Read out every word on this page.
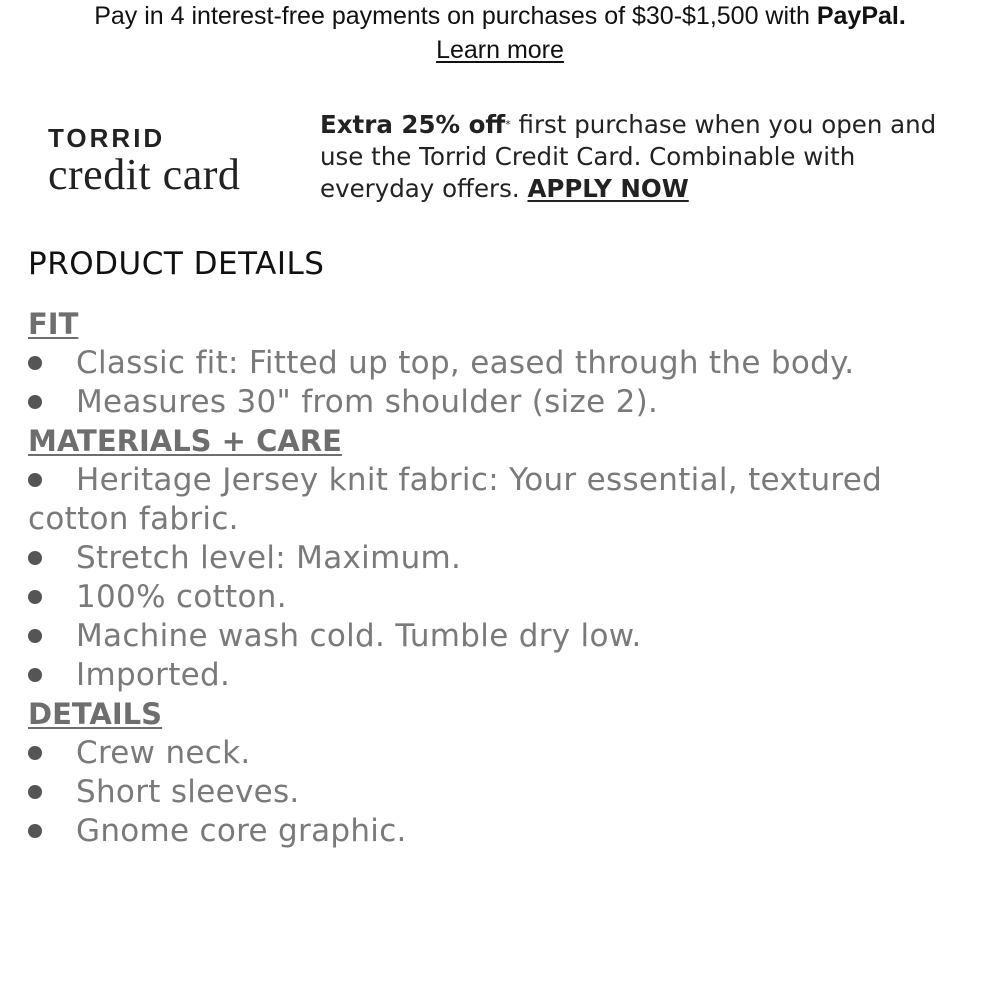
Pay in 4 interest-free payments on purchases of $30-$1,500 with PayPal.
Learn more
TORRID
credit card
Extra 25% off* first purchase when you open and use the Torrid Credit Card. Combinable with everyday offers. APPLY NOW
PRODUCT DETAILS
FIT
Classic fit: Fitted up top, eased through the body.
Measures 30" from shoulder (size 2).
MATERIALS + CARE
Heritage Jersey knit fabric: Your essential, textured cotton fabric.
Stretch level: Maximum.
100% cotton.
Machine wash cold. Tumble dry low.
Imported.
DETAILS
Crew neck.
Short sleeves.
Gnome core graphic.
